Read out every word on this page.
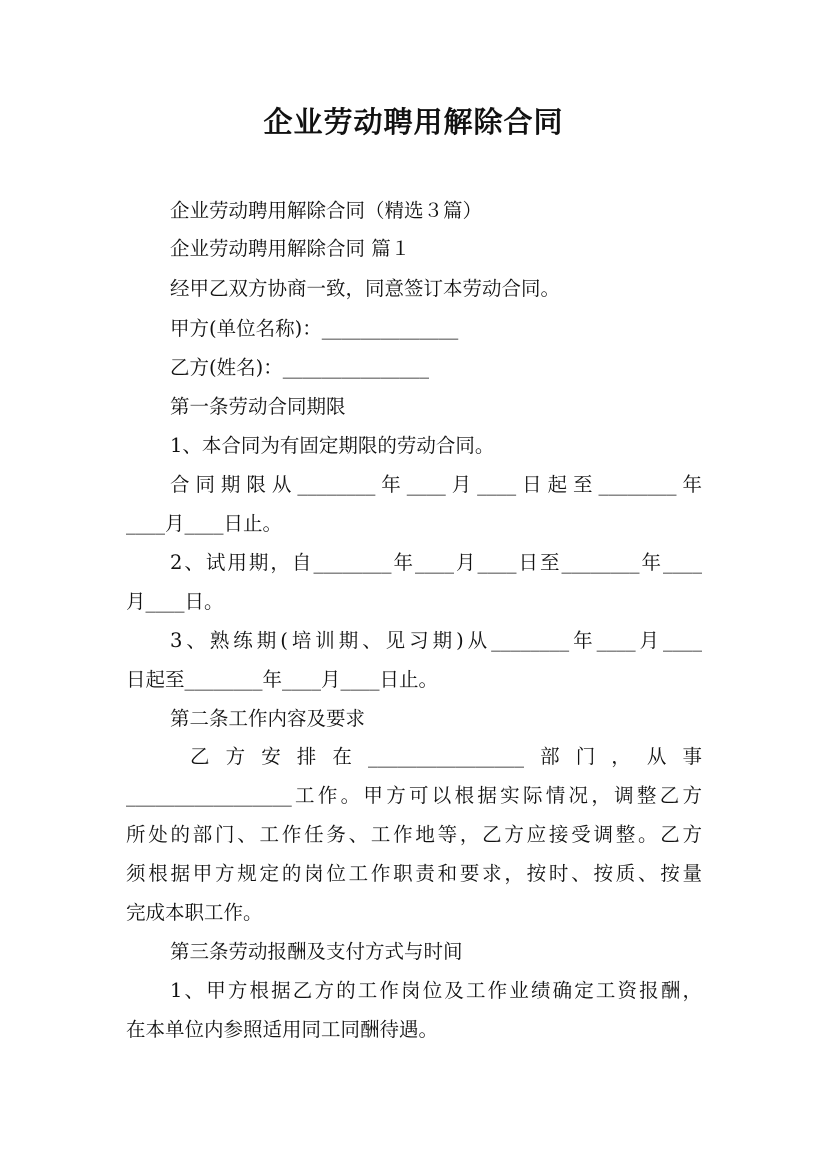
企业劳动聘用解除合同
企业劳动聘用解除合同（精选３篇）
企业劳动聘用解除合同 篇１
经甲乙双方协商一致，同意签订本劳动合同。
甲方(单位名称)：______________
乙方(姓名)：_______________
第一条劳动合同期限
1、本合同为有固定期限的劳动合同。
合同期限从________年____月____日起至________年
____月____日止。
2、试用期，自________年____月____日至________年____
月____日。
3、熟练期(培训期、见习期)从________年____月____
日起至________年____月____日止。
第二条工作内容及要求
乙方安排在________________部门，从事
_________________工作。甲方可以根据实际情况，调整乙方
所处的部门、工作任务、工作地等，乙方应接受调整。乙方
须根据甲方规定的岗位工作职责和要求，按时、按质、按量
完成本职工作。
第三条劳动报酬及支付方式与时间
1、甲方根据乙方的工作岗位及工作业绩确定工资报酬，
在本单位内参照适用同工同酬待遇。
